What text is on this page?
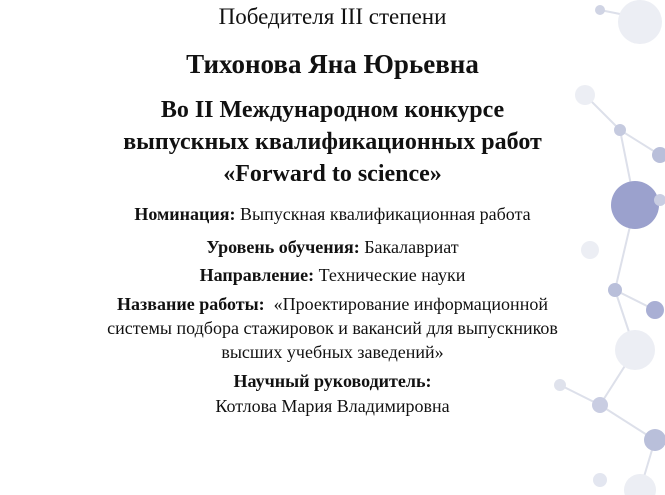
Победителя III степени
Тихонова Яна Юрьевна
Во II Международном конкурсе
выпускных квалификационных работ
«Forward to science»
Номинация: Выпускная квалификационная работа
Уровень обучения: Бакалавриат
Направление: Технические науки
Название работы:  «Проектирование информационной
системы подбора стажировок и вакансий для выпускников
высших учебных заведений»
Научный руководитель:
Котлова Мария Владимировна
